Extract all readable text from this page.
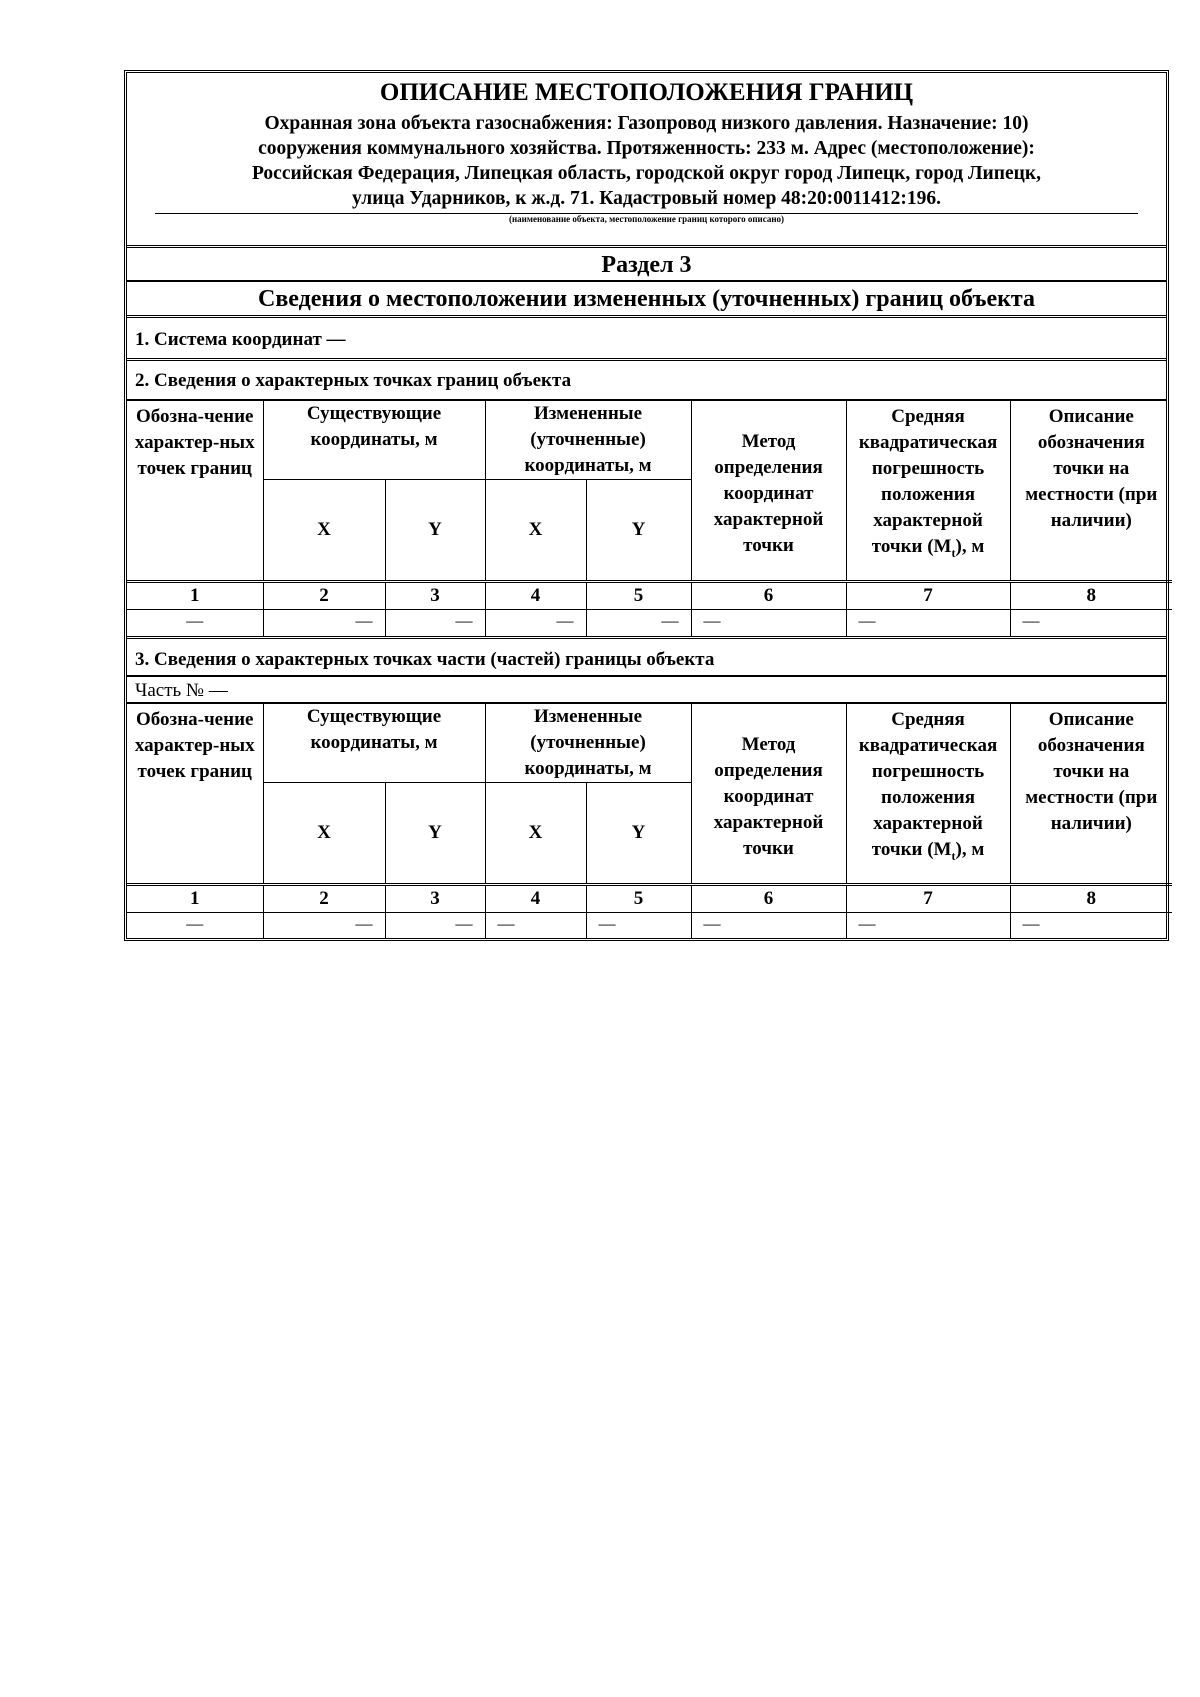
ОПИСАНИЕ МЕСТОПОЛОЖЕНИЯ ГРАНИЦ

Охранная зона объекта газоснабжения: Газопровод низкого давления. Назначение: 10)

сооружения коммунального хозяйства. Протяженность: 233 м. Адрес (местоположение):

Российская Федерация, Липецкая область, городской округ город Липецк, город Липецк,

улица Ударников, к ж.д. 71. Кадастровый номер 48:20:0011412:196.

(наименование объекта, местоположение границ которого описано)

Раздел 3
Сведения о местоположении измененных (уточненных) границ объекта
1. Система координат —
2. Сведения о характерных точках границ объекта
Обозна-чение характер-ных точек границ	Существующие координаты, м		Измененные (уточненные) координаты, м		Метод определения координат характерной точки	Средняя квадратическая погрешность положения характерной точки $(M_t)$, м	Описание обозначения точки на местности (при наличии)
	X	Y	X	Y			
1	2	3	4	5	6	7	8
—	—	—	—	—	—	—	—
3. Сведения о характерных точках части (частей) границы объекта
Часть № —
Обозна-чение характер-ных точек границ	Существующие координаты, м		Измененные (уточненные) координаты, м		Метод определения координат характерной точки	Средняя квадратическая погрешность положения характерной точки $(M_t)$, м	Описание обозначения точки на местности (при наличии)
	X	Y	X	Y			
1	2	3	4	5	6	7	8
—	—	—	—	—	—	—	—
